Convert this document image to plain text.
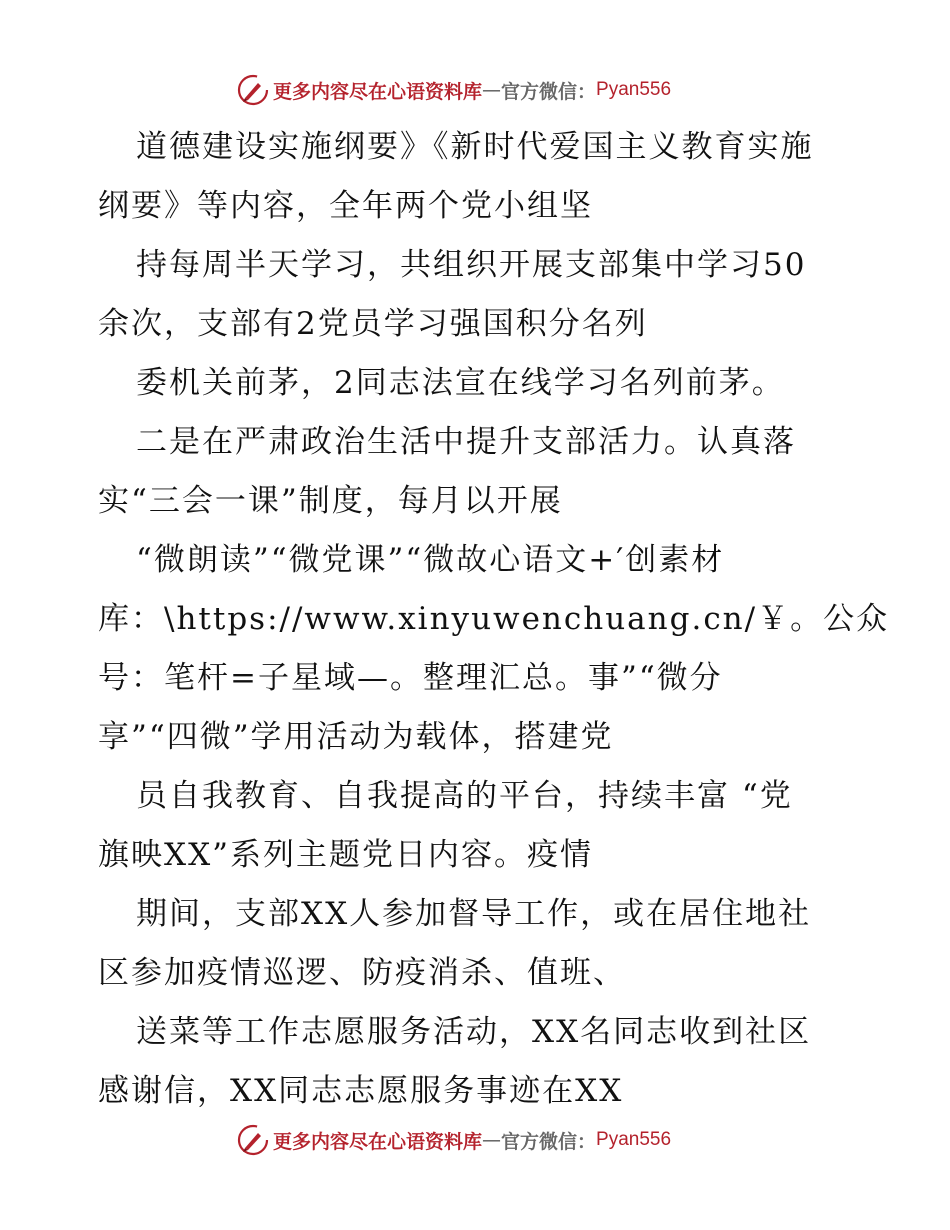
更多内容尽在心语资料库 — 官方微信： Pyan556
道德建设实施纲要》《新时代爱国主义教育实施
纲要》等内容，全年两个党小组坚
持每周半天学习，共组织开展支部集中学习50
余次，支部有2党员学习强国积分名列
委机关前茅，2同志法宣在线学习名列前茅。
二是在严肃政治生活中提升支部活力。认真落
实“三会一课”制度，每月以开展
“微朗读”“微党课”“微故心语文+′创素材
库：\https://www.xinyuwenchuang.cn/￥。公众
号：笔杆=子星域—。整理汇总。事”“微分
享”“四微”学用活动为载体，搭建党
员自我教育、自我提高的平台，持续丰富 “党
旗映XX”系列主题党日内容。疫情
期间，支部XX人参加督导工作，或在居住地社
区参加疫情巡逻、防疫消杀、值班、
送菜等工作志愿服务活动，XX名同志收到社区
感谢信，XX同志志愿服务事迹在XX
更多内容尽在心语资料库 — 官方微信： Pyan556
